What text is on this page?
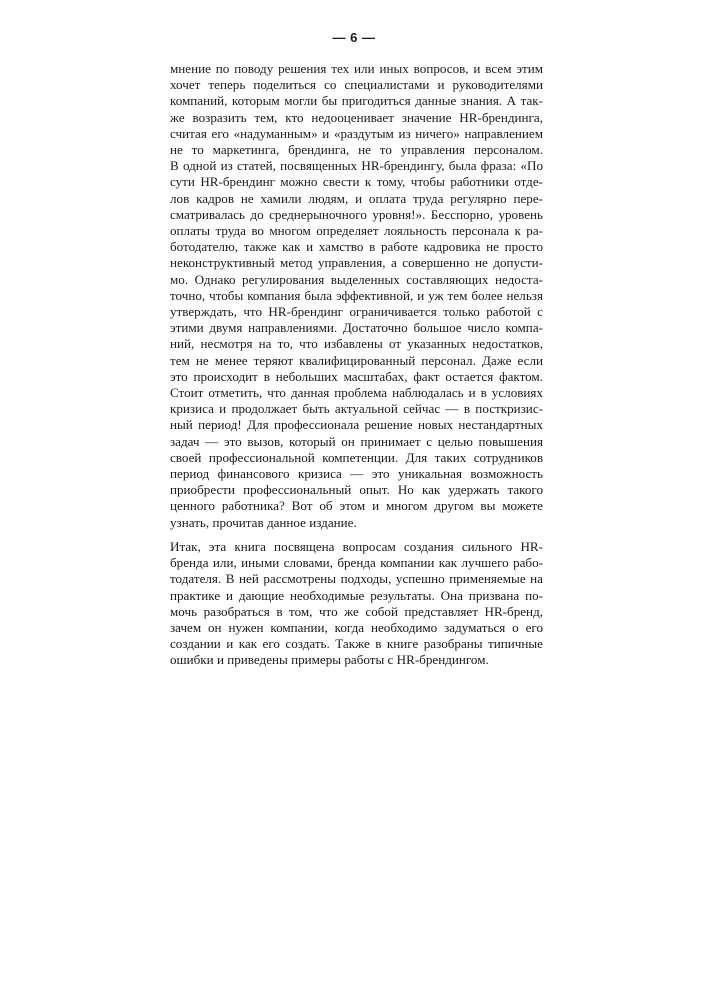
— 6 —
мнение по поводу решения тех или иных вопросов, и всем этим
хочет теперь поделиться со специалистами и руководителями
компаний, которым могли бы пригодиться данные знания. А так-
же возразить тем, кто недооценивает значение HR-брендинга,
считая его «надуманным» и «раздутым из ничего» направлением
не то маркетинга, брендинга, не то управления персоналом.
В одной из статей, посвященных HR-брендингу, была фраза: «По
сути HR-брендинг можно свести к тому, чтобы работники отде-
лов кадров не хамили людям, и оплата труда регулярно пере-
сматривалась до среднерыночного уровня!». Бесспорно, уровень
оплаты труда во многом определяет лояльность персонала к ра-
ботодателю, также как и хамство в работе кадровика не просто
неконструктивный метод управления, а совершенно не допусти-
мо. Однако регулирования выделенных составляющих недоста-
точно, чтобы компания была эффективной, и уж тем более нельзя
утверждать, что HR-брендинг ограничивается только работой с
этими двумя направлениями. Достаточно большое число компа-
ний, несмотря на то, что избавлены от указанных недостатков,
тем не менее теряют квалифицированный персонал. Даже если
это происходит в небольших масштабах, факт остается фактом.
Стоит отметить, что данная проблема наблюдалась и в условиях
кризиса и продолжает быть актуальной сейчас — в посткризис-
ный период! Для профессионала решение новых нестандартных
задач — это вызов, который он принимает с целью повышения
своей профессиональной компетенции. Для таких сотрудников
период финансового кризиса — это уникальная возможность
приобрести профессиональный опыт. Но как удержать такого
ценного работника? Вот об этом и многом другом вы можете
узнать, прочитав данное издание.
Итак, эта книга посвящена вопросам создания сильного HR-
бренда или, иными словами, бренда компании как лучшего рабо-
тодателя. В ней рассмотрены подходы, успешно применяемые на
практике и дающие необходимые результаты. Она призвана по-
мочь разобраться в том, что же собой представляет HR-бренд,
зачем он нужен компании, когда необходимо задуматься о его
создании и как его создать. Также в книге разобраны типичные
ошибки и приведены примеры работы с HR-брендингом.
